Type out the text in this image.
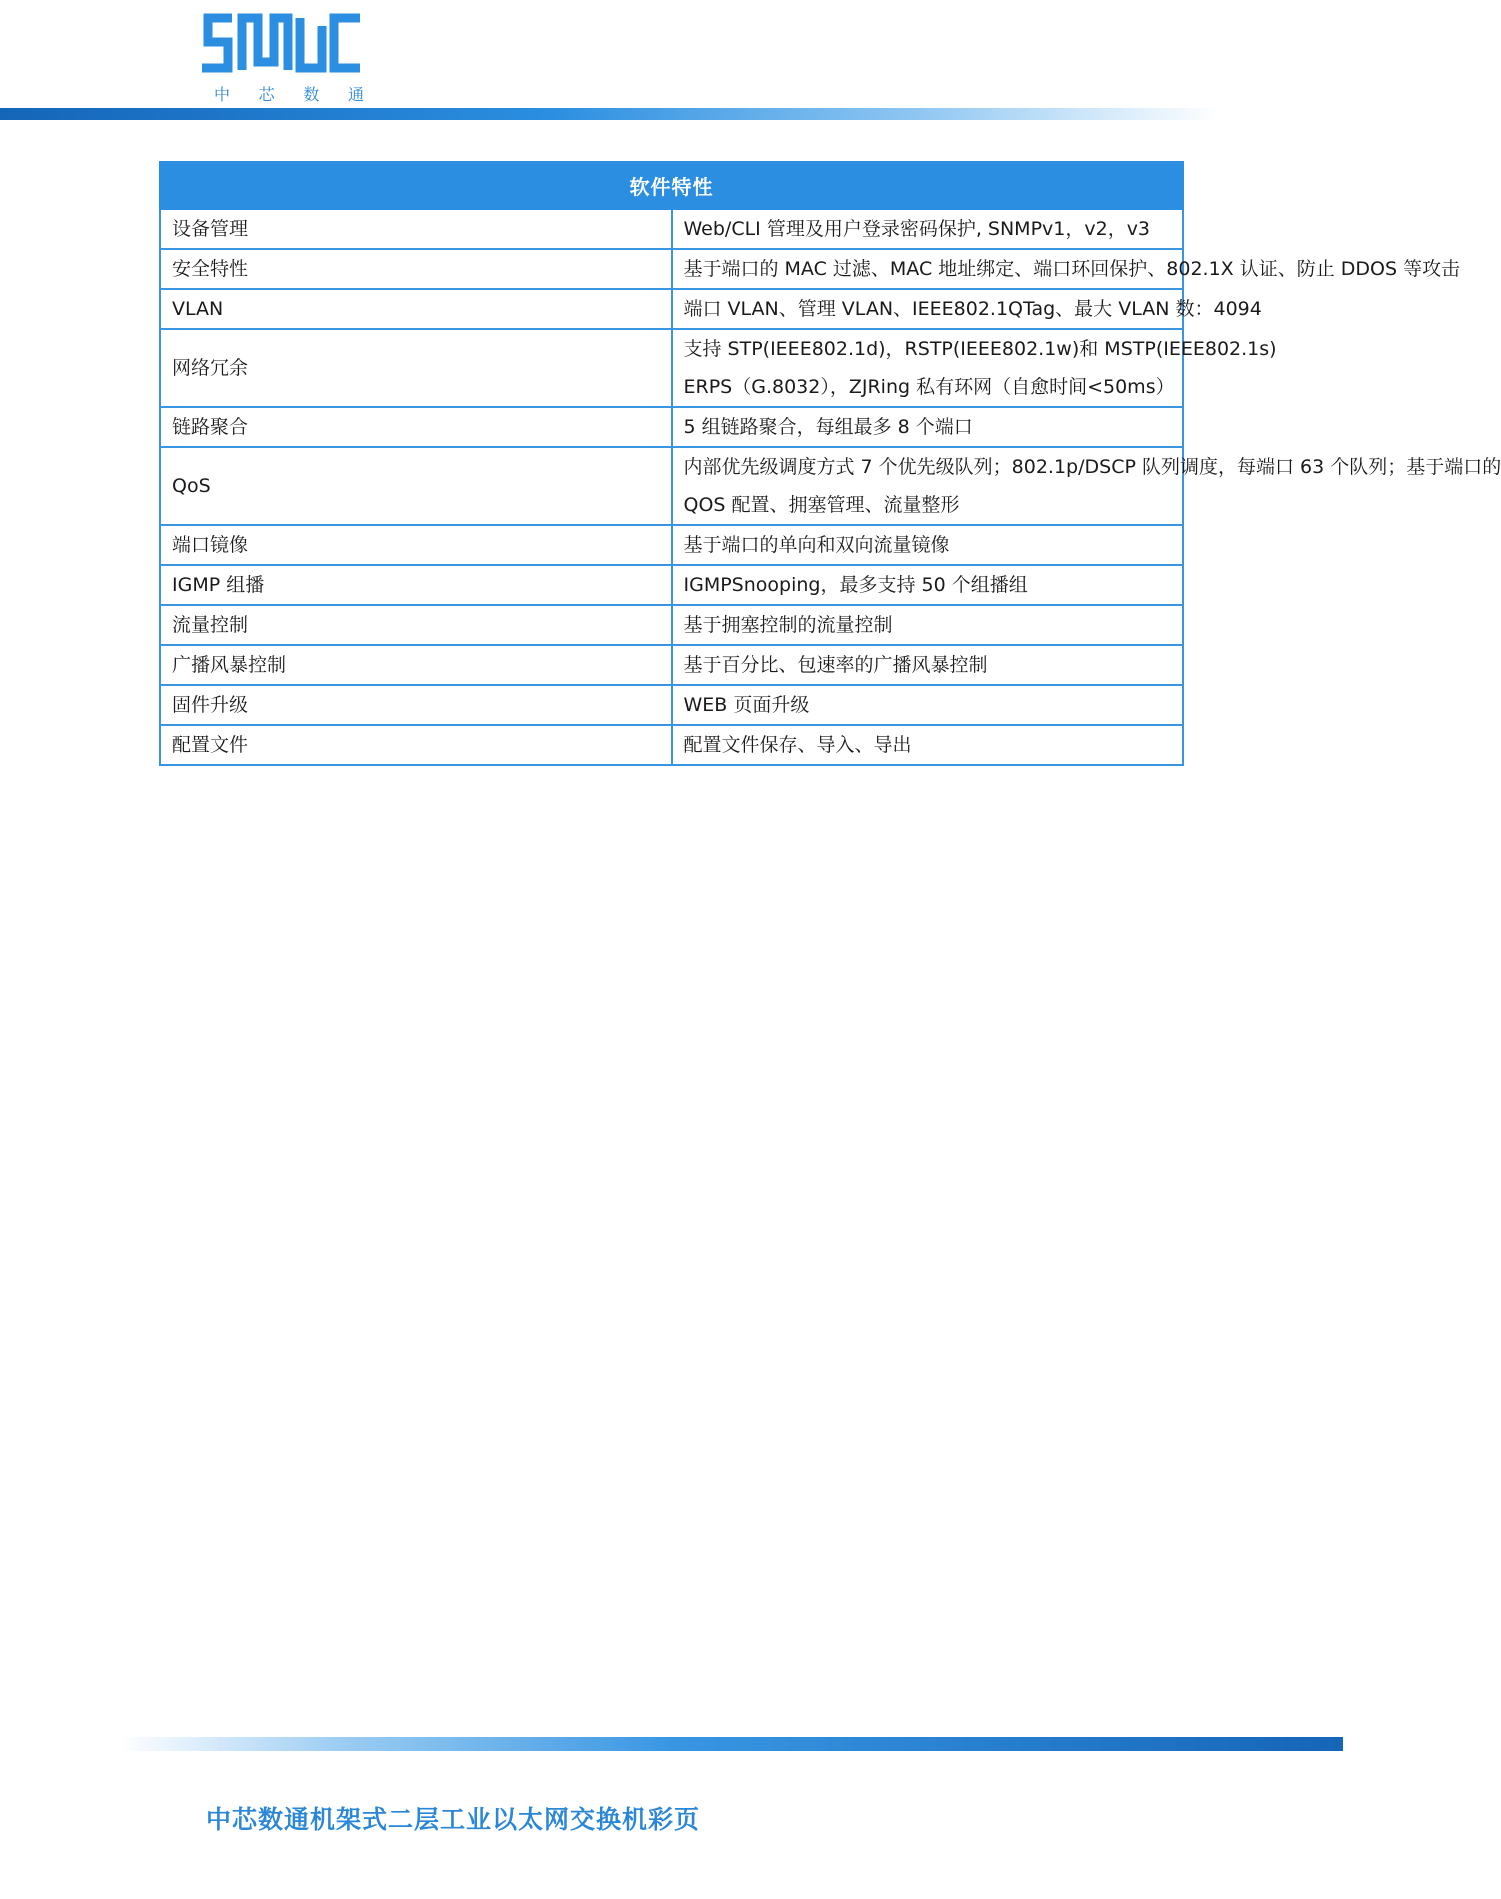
中 芯 数 通
软件特性	
设备管理	Web/CLI 管理及用户登录密码保护, SNMPv1，v2，v3

安全特性	基于端口的 MAC 过滤、MAC 地址绑定、端口环回保护、802.1X 认证、防止 DDOS 等攻击

VLAN	端口 VLAN、管理 VLAN、IEEE802.1QTag、最大 VLAN 数：4094

网络冗余	支持 STP(IEEE802.1d)，RSTP(IEEE802.1w)和 MSTP(IEEE802.1s)
ERPS（G.8032），ZJRing 私有环网（自愈时间<50ms）

链路聚合	5 组链路聚合，每组最多 8 个端口

QoS	内部优先级调度方式 7 个优先级队列；802.1p/DSCP 队列调度，每端口 63 个队列；基于端口的
QOS 配置、拥塞管理、流量整形

端口镜像	基于端口的单向和双向流量镜像

IGMP 组播	IGMPSnooping，最多支持 50 个组播组

流量控制	基于拥塞控制的流量控制

广播风暴控制	基于百分比、包速率的广播风暴控制

固件升级	WEB 页面升级

配置文件	配置文件保存、导入、导出
中芯数通机架式二层工业以太网交换机彩页
